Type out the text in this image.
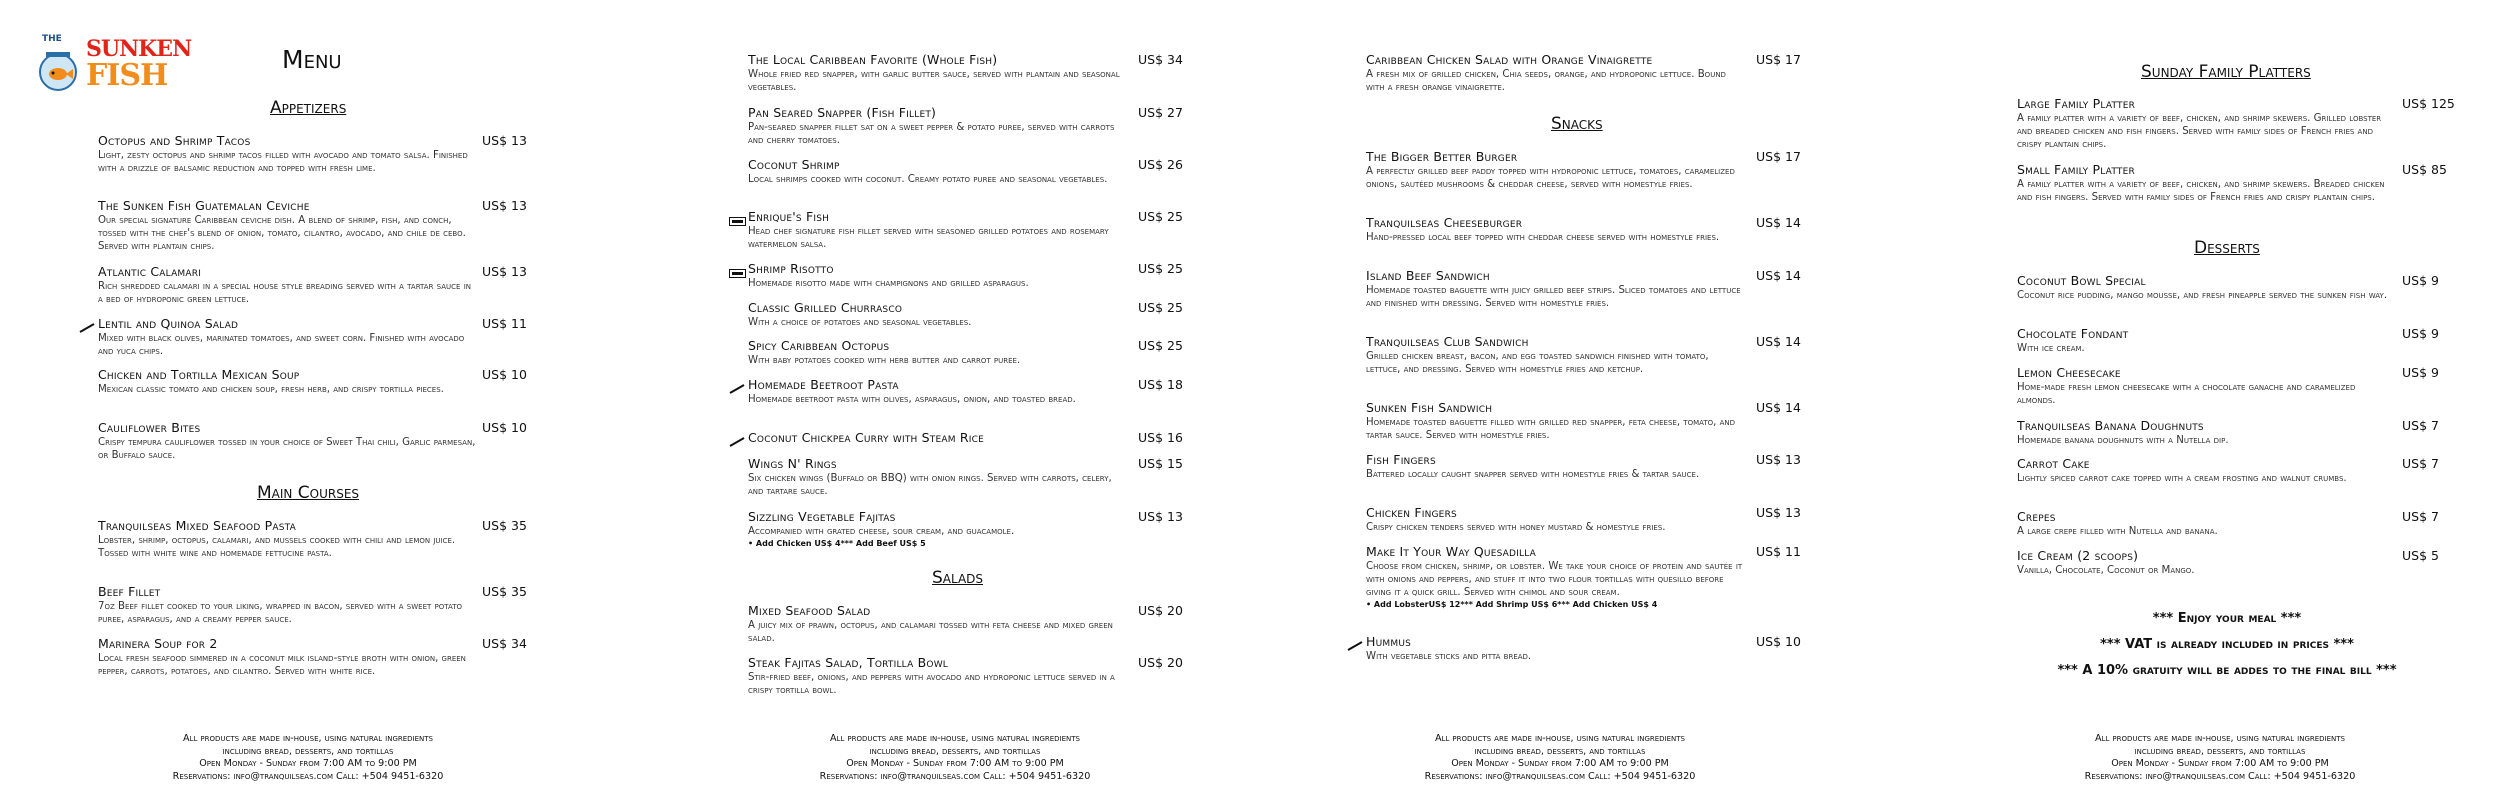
THE SUNKEN
FISH	Menu
Appetizers
Octopus and Shrimp Tacos
Light, zesty octopus and shrimp tacos filled with avocado and tomato salsa. Finished with a drizzle of balsamic reduction and topped with fresh lime.
US$ 13
The Sunken Fish Guatemalan Ceviche
Our special signature Caribbean ceviche dish. A blend of shrimp, fish, and conch, tossed with the chef's blend of onion, tomato, cilantro, avocado, and chile de cebo. Served with plantain chips.
US$ 13
Atlantic Calamari
Rich shredded calamari in a special house style breading served with a tartar sauce in a bed of hydroponic green lettuce.
US$ 13
Lentil and Quinoa Salad
Mixed with black olives, marinated tomatoes, and sweet corn. Finished with avocado and yuca chips.
US$ 11
Chicken and Tortilla Mexican Soup
Mexican classic tomato and chicken soup, fresh herb, and crispy tortilla pieces.
US$ 10
Cauliflower Bites
Crispy tempura cauliflower tossed in your choice of Sweet Thai chili, Garlic parmesan, or Buffalo sauce.
US$ 10
Main Courses
Tranquilseas Mixed Seafood Pasta
Lobster, shrimp, octopus, calamari, and mussels cooked with chili and lemon juice. Tossed with white wine and homemade fettucine pasta.
US$ 35
Beef Fillet
7oz Beef fillet cooked to your liking, wrapped in bacon, served with a sweet potato puree, asparagus, and a creamy pepper sauce.
US$ 35
Marinera Soup for 2
Local fresh seafood simmered in a coconut milk island-style broth with onion, green pepper, carrots, potatoes, and cilantro. Served with white rice.
US$ 34
All products are made in-house, using natural ingredients
including bread, desserts, and tortillas
Open Monday - Sunday from 7:00 AM to 9:00 PM
Reservations: info@tranquilseas.com Call: +504 9451-6320
The Local Caribbean Favorite (Whole Fish)
Whole fried red snapper, with garlic butter sauce, served with plantain and seasonal vegetables.
US$ 34
Pan Seared Snapper (Fish Fillet)
Pan-seared snapper fillet sat on a sweet pepper & potato puree, served with carrots and cherry tomatoes.
US$ 27
Coconut Shrimp
Local shrimps cooked with coconut. Creamy potato puree and seasonal vegetables.
US$ 26
Enrique's Fish
Head chef signature fish fillet served with seasoned grilled potatoes and rosemary watermelon salsa.
US$ 25
Shrimp Risotto
Homemade risotto made with champignons and grilled asparagus.
US$ 25
Classic Grilled Churrasco
With a choice of potatoes and seasonal vegetables.
US$ 25
Spicy Caribbean Octopus
With baby potatoes cooked with herb butter and carrot puree.
US$ 25
Homemade Beetroot Pasta
Homemade beetroot pasta with olives, asparagus, onion, and toasted bread.
US$ 18
Coconut Chickpea Curry with Steam Rice	US$ 16
Wings N' Rings
Six chicken wings (Buffalo or BBQ) with onion rings. Served with carrots, celery, and tartare sauce.
US$ 15
Sizzling Vegetable Fajitas
Accompanied with grated cheese, sour cream, and guacamole.
• Add Chicken US$ 4*** Add Beef US$ 5
US$ 13
Salads
Mixed Seafood Salad
A juicy mix of prawn, octopus, and calamari tossed with feta cheese and mixed green salad.
US$ 20
Steak Fajitas Salad, Tortilla Bowl
Stir-fried beef, onions, and peppers with avocado and hydroponic lettuce served in a crispy tortilla bowl.
US$ 20
All products are made in-house, using natural ingredients
including bread, desserts, and tortillas
Open Monday - Sunday from 7:00 AM to 9:00 PM
Reservations: info@tranquilseas.com Call: +504 9451-6320
Caribbean Chicken Salad with Orange Vinaigrette
A fresh mix of grilled chicken, Chia seeds, orange, and hydroponic lettuce. Bound with a fresh orange vinaigrette.
US$ 17
Snacks
The Bigger Better Burger
A perfectly grilled beef paddy topped with hydroponic lettuce, tomatoes, caramelized onions, sautéed mushrooms & cheddar cheese, served with homestyle fries.
US$ 17
Tranquilseas Cheeseburger
Hand-pressed local beef topped with cheddar cheese served with homestyle fries.
US$ 14
Island Beef Sandwich
Homemade toasted baguette with juicy grilled beef strips. Sliced tomatoes and lettuce and finished with dressing. Served with homestyle fries.
US$ 14
Tranquilseas Club Sandwich
Grilled chicken breast, bacon, and egg toasted sandwich finished with tomato, lettuce, and dressing. Served with homestyle fries and ketchup.
US$ 14
Sunken Fish Sandwich
Homemade toasted baguette filled with grilled red snapper, feta cheese, tomato, and tartar sauce. Served with homestyle fries.
US$ 14
Fish Fingers
Battered locally caught snapper served with homestyle fries & tartar sauce.
US$ 13
Chicken Fingers
Crispy chicken tenders served with honey mustard & homestyle fries.
US$ 13
Make It Your Way Quesadilla
Choose from chicken, shrimp, or lobster. We take your choice of protein and sautée it with onions and peppers, and stuff it into two flour tortillas with quesillo before giving it a quick grill. Served with chimol and sour cream.
• Add LobsterUS$ 12*** Add Shrimp US$ 6*** Add Chicken US$ 4
US$ 11
Hummus
With vegetable sticks and pitta bread.
US$ 10
All products are made in-house, using natural ingredients
including bread, desserts, and tortillas
Open Monday - Sunday from 7:00 AM to 9:00 PM
Reservations: info@tranquilseas.com Call: +504 9451-6320
Sunday Family Platters
Large Family Platter
A family platter with a variety of beef, chicken, and shrimp skewers. Grilled lobster and breaded chicken and fish fingers. Served with family sides of French fries and crispy plantain chips.
US$ 125
Small Family Platter
A family platter with a variety of beef, chicken, and shrimp skewers. Breaded chicken and fish fingers. Served with family sides of French fries and crispy plantain chips.
US$ 85
Desserts
Coconut Bowl Special
Coconut rice pudding, mango mousse, and fresh pineapple served the sunken fish way.
US$ 9
Chocolate Fondant
With ice cream.
US$ 9
Lemon Cheesecake
Home-made fresh lemon cheesecake with a chocolate ganache and caramelized almonds.
US$ 9
Tranquilseas Banana Doughnuts
Homemade banana doughnuts with a Nutella dip.
US$ 7
Carrot Cake
Lightly spiced carrot cake topped with a cream frosting and walnut crumbs.
US$ 7
Crepes
A large crepe filled with Nutella and banana.
US$ 7
Ice Cream (2 scoops)
Vanilla, Chocolate, Coconut or Mango.
US$ 5
*** Enjoy your meal ***
*** VAT is already included in prices ***
*** A 10% gratuity will be addes to the final bill ***
All products are made in-house, using natural ingredients
including bread, desserts, and tortillas
Open Monday - Sunday from 7:00 AM to 9:00 PM
Reservations: info@tranquilseas.com Call: +504 9451-6320
